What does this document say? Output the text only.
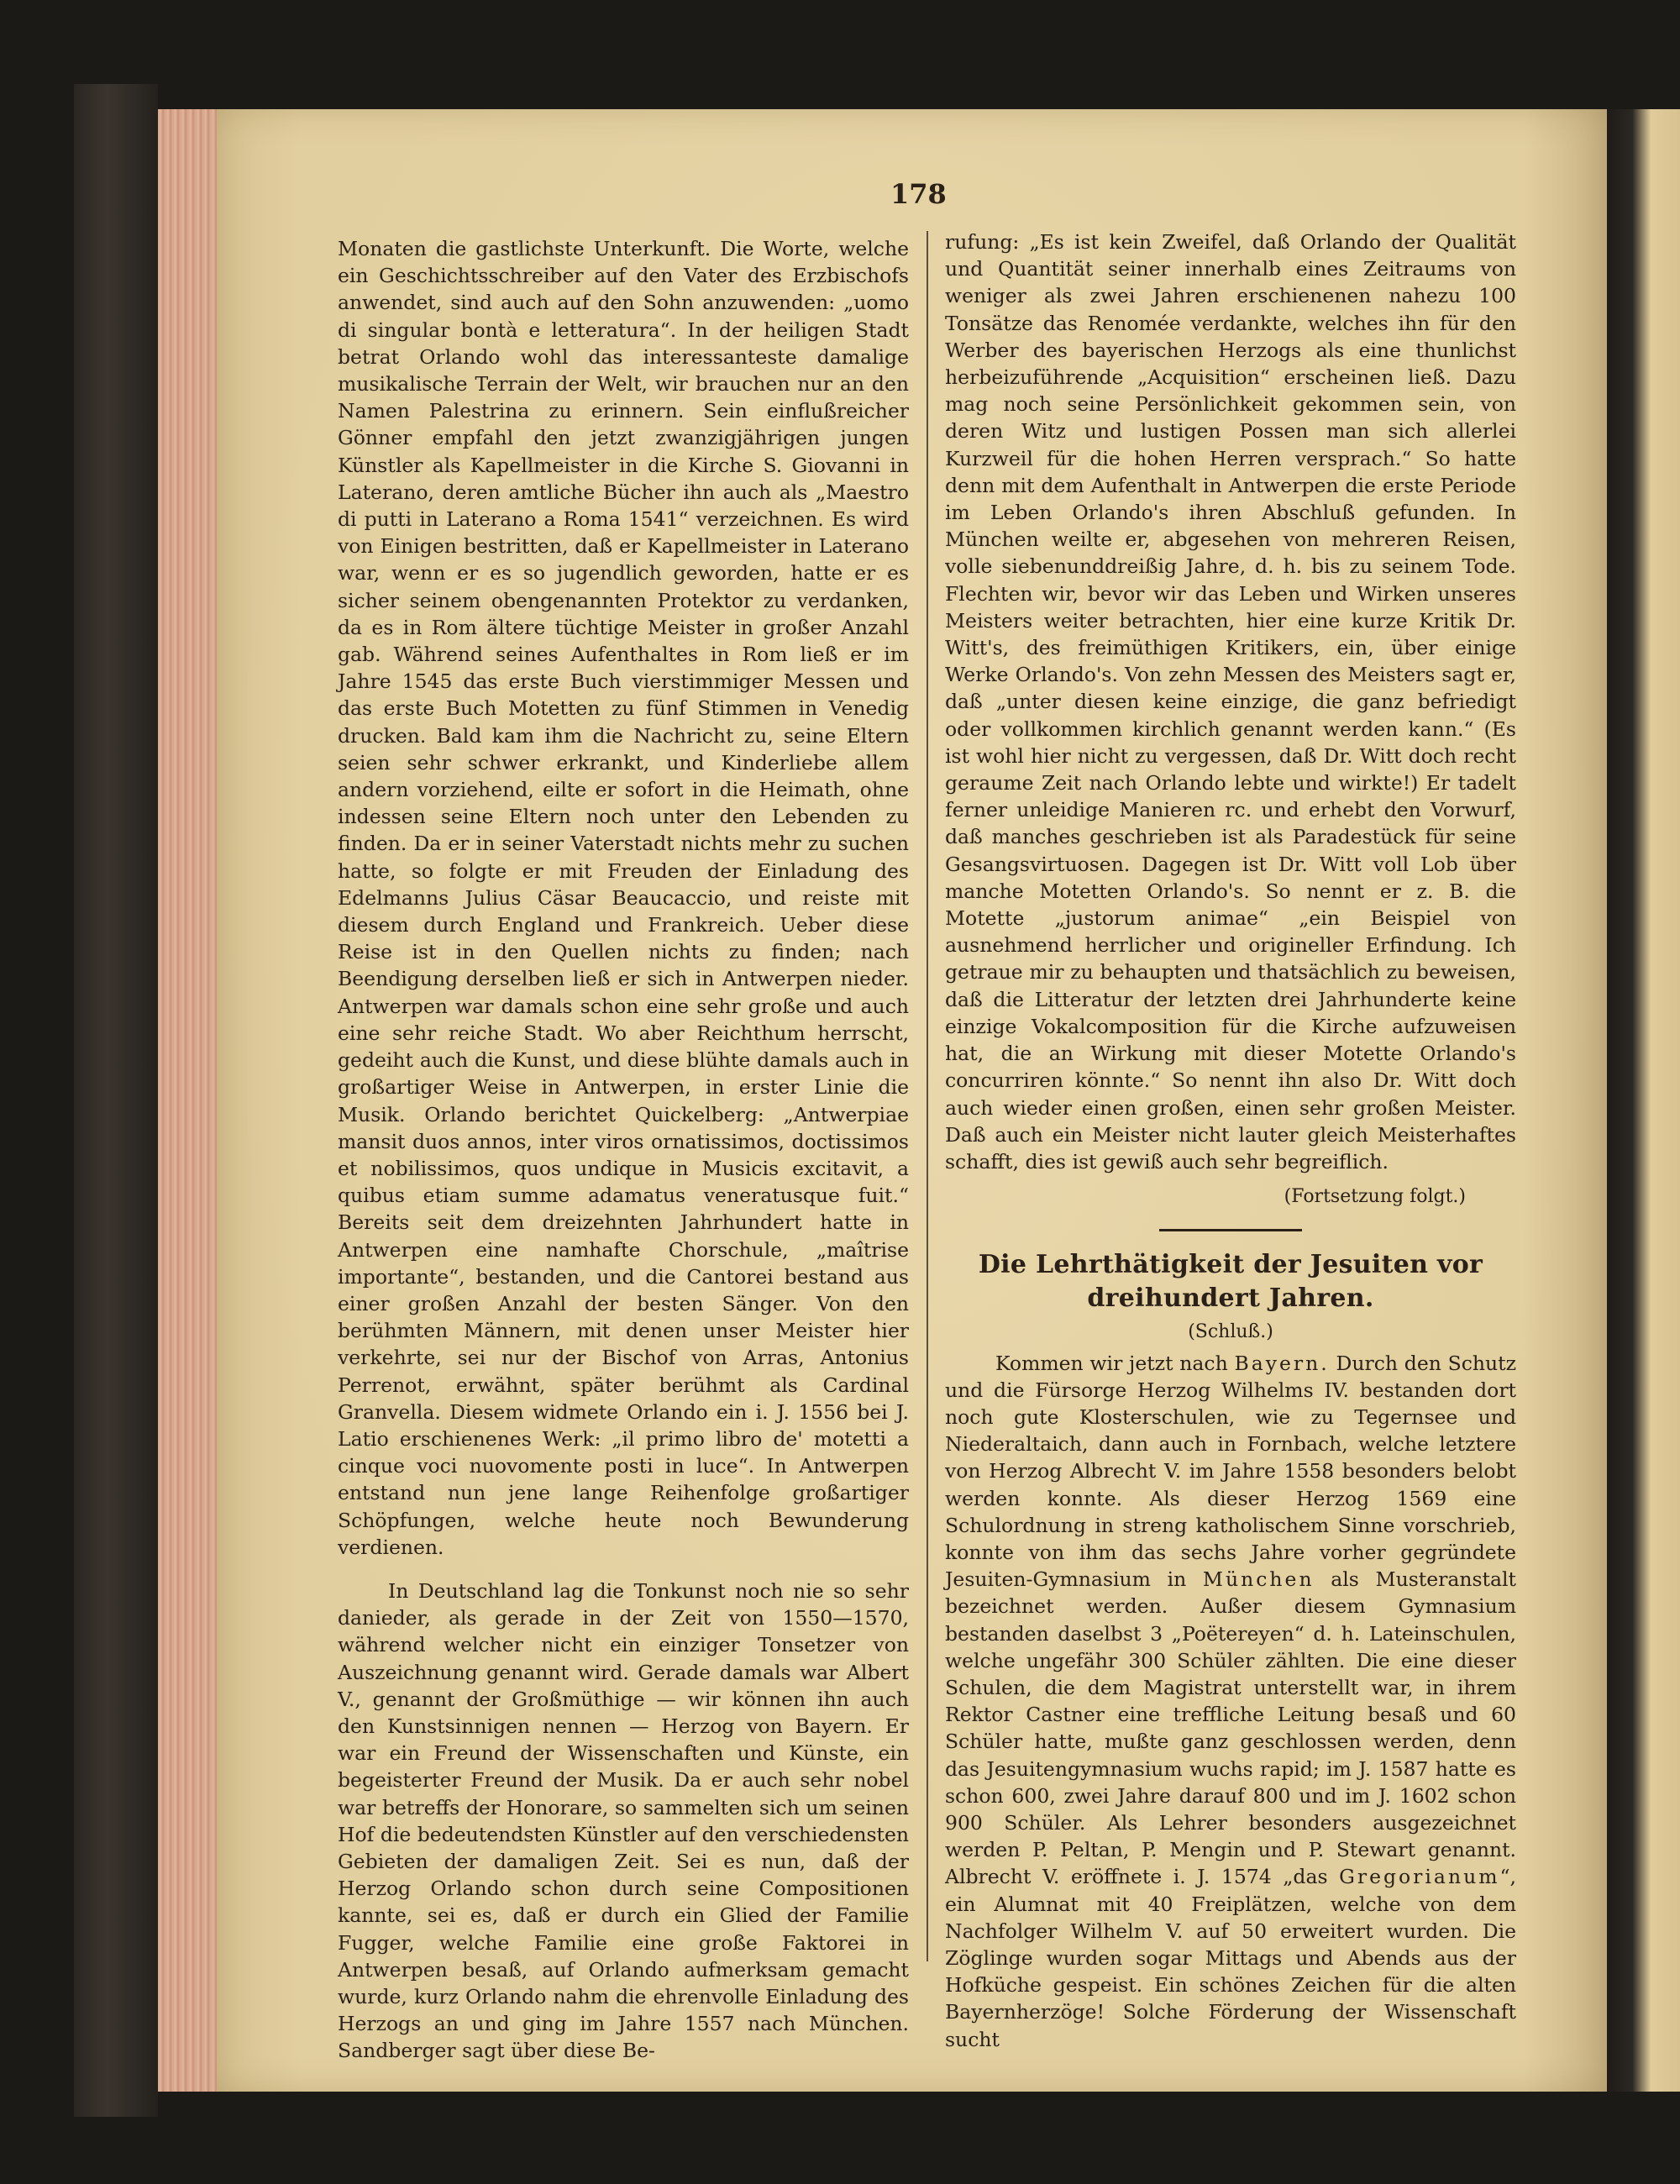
178

Monaten die gastlichste Unterkunft. Die Worte, welche ein Geschichtsschreiber auf den Vater des Erzbischofs anwendet, sind auch auf den Sohn anzuwenden: „uomo di singular bontà e letteratura“. In der heiligen Stadt betrat Orlando wohl das interessanteste damalige musikalische Terrain der Welt, wir brauchen nur an den Namen Palestrina zu erinnern. Sein einflußreicher Gönner empfahl den jetzt zwanzigjährigen jungen Künstler als Kapellmeister in die Kirche S. Giovanni in Laterano, deren amtliche Bücher ihn auch als „Maestro di putti in Laterano a Roma 1541“ verzeichnen. Es wird von Einigen bestritten, daß er Kapellmeister in Laterano war, wenn er es so jugendlich geworden, hatte er es sicher seinem obengenannten Protektor zu verdanken, da es in Rom ältere tüchtige Meister in großer Anzahl gab. Während seines Aufenthaltes in Rom ließ er im Jahre 1545 das erste Buch vierstimmiger Messen und das erste Buch Motetten zu fünf Stimmen in Venedig drucken. Bald kam ihm die Nachricht zu, seine Eltern seien sehr schwer erkrankt, und Kinderliebe allem andern vorziehend, eilte er sofort in die Heimath, ohne indessen seine Eltern noch unter den Lebenden zu finden. Da er in seiner Vaterstadt nichts mehr zu suchen hatte, so folgte er mit Freuden der Einladung des Edelmanns Julius Cäsar Beaucaccio, und reiste mit diesem durch England und Frankreich. Ueber diese Reise ist in den Quellen nichts zu finden; nach Beendigung derselben ließ er sich in Antwerpen nieder. Antwerpen war damals schon eine sehr große und auch eine sehr reiche Stadt. Wo aber Reichthum herrscht, gedeiht auch die Kunst, und diese blühte damals auch in großartiger Weise in Antwerpen, in erster Linie die Musik. Orlando berichtet Quickelberg: „Antwerpiae mansit duos annos, inter viros ornatissimos, doctissimos et nobilissimos, quos undique in Musicis excitavit, a quibus etiam summe adamatus veneratusque fuit.“ Bereits seit dem dreizehnten Jahrhundert hatte in Antwerpen eine namhafte Chorschule, „maîtrise importante“, bestanden, und die Cantorei bestand aus einer großen Anzahl der besten Sänger. Von den berühmten Männern, mit denen unser Meister hier verkehrte, sei nur der Bischof von Arras, Antonius Perrenot, erwähnt, später berühmt als Cardinal Granvella. Diesem widmete Orlando ein i. J. 1556 bei J. Latio erschienenes Werk: „il primo libro de' motetti a cinque voci nuovomente posti in luce“. In Antwerpen entstand nun jene lange Reihenfolge großartiger Schöpfungen, welche heute noch Bewunderung verdienen.

In Deutschland lag die Tonkunst noch nie so sehr danieder, als gerade in der Zeit von 1550—1570, während welcher nicht ein einziger Tonsetzer von Auszeichnung genannt wird. Gerade damals war Albert V., genannt der Großmüthige — wir können ihn auch den Kunstsinnigen nennen — Herzog von Bayern. Er war ein Freund der Wissenschaften und Künste, ein begeisterter Freund der Musik. Da er auch sehr nobel war betreffs der Honorare, so sammelten sich um seinen Hof die bedeutendsten Künstler auf den verschiedensten Gebieten der damaligen Zeit. Sei es nun, daß der Herzog Orlando schon durch seine Compositionen kannte, sei es, daß er durch ein Glied der Familie Fugger, welche Familie eine große Faktorei in Antwerpen besaß, auf Orlando aufmerksam gemacht wurde, kurz Orlando nahm die ehrenvolle Einladung des Herzogs an und ging im Jahre 1557 nach München. Sandberger sagt über diese Be-

rufung: „Es ist kein Zweifel, daß Orlando der Qualität und Quantität seiner innerhalb eines Zeitraums von weniger als zwei Jahren erschienenen nahezu 100 Tonsätze das Renomée verdankte, welches ihn für den Werber des bayerischen Herzogs als eine thunlichst herbeizuführende „Acquisition“ erscheinen ließ. Dazu mag noch seine Persönlichkeit gekommen sein, von deren Witz und lustigen Possen man sich allerlei Kurzweil für die hohen Herren versprach.“ So hatte denn mit dem Aufenthalt in Antwerpen die erste Periode im Leben Orlando's ihren Abschluß gefunden. In München weilte er, abgesehen von mehreren Reisen, volle siebenunddreißig Jahre, d. h. bis zu seinem Tode. Flechten wir, bevor wir das Leben und Wirken unseres Meisters weiter betrachten, hier eine kurze Kritik Dr. Witt's, des freimüthigen Kritikers, ein, über einige Werke Orlando's. Von zehn Messen des Meisters sagt er, daß „unter diesen keine einzige, die ganz befriedigt oder vollkommen kirchlich genannt werden kann.“ (Es ist wohl hier nicht zu vergessen, daß Dr. Witt doch recht geraume Zeit nach Orlando lebte und wirkte!) Er tadelt ferner unleidige Manieren rc. und erhebt den Vorwurf, daß manches geschrieben ist als Paradestück für seine Gesangsvirtuosen. Dagegen ist Dr. Witt voll Lob über manche Motetten Orlando's. So nennt er z. B. die Motette „justorum animae“ „ein Beispiel von ausnehmend herrlicher und origineller Erfindung. Ich getraue mir zu behaupten und thatsächlich zu beweisen, daß die Litteratur der letzten drei Jahrhunderte keine einzige Vokalcomposition für die Kirche aufzuweisen hat, die an Wirkung mit dieser Motette Orlando's concurriren könnte.“ So nennt ihn also Dr. Witt doch auch wieder einen großen, einen sehr großen Meister. Daß auch ein Meister nicht lauter gleich Meisterhaftes schafft, dies ist gewiß auch sehr begreiflich.

(Fortsetzung folgt.)

Die Lehrthätigkeit der Jesuiten vor dreihundert Jahren.

(Schluß.)

Kommen wir jetzt nach Bayern. Durch den Schutz und die Fürsorge Herzog Wilhelms IV. bestanden dort noch gute Klosterschulen, wie zu Tegernsee und Niederaltaich, dann auch in Fornbach, welche letztere von Herzog Albrecht V. im Jahre 1558 besonders belobt werden konnte. Als dieser Herzog 1569 eine Schulordnung in streng katholischem Sinne vorschrieb, konnte von ihm das sechs Jahre vorher gegründete Jesuiten-Gymnasium in München als Musteranstalt bezeichnet werden. Außer diesem Gymnasium bestanden daselbst 3 „Poëtereyen“ d. h. Lateinschulen, welche ungefähr 300 Schüler zählten. Die eine dieser Schulen, die dem Magistrat unterstellt war, in ihrem Rektor Castner eine treffliche Leitung besaß und 60 Schüler hatte, mußte ganz geschlossen werden, denn das Jesuitengymnasium wuchs rapid; im J. 1587 hatte es schon 600, zwei Jahre darauf 800 und im J. 1602 schon 900 Schüler. Als Lehrer besonders ausgezeichnet werden P. Peltan, P. Mengin und P. Stewart genannt. Albrecht V. eröffnete i. J. 1574 „das Gregorianum“, ein Alumnat mit 40 Freiplätzen, welche von dem Nachfolger Wilhelm V. auf 50 erweitert wurden. Die Zöglinge wurden sogar Mittags und Abends aus der Hofküche gespeist. Ein schönes Zeichen für die alten Bayernherzöge! Solche Förderung der Wissenschaft sucht
